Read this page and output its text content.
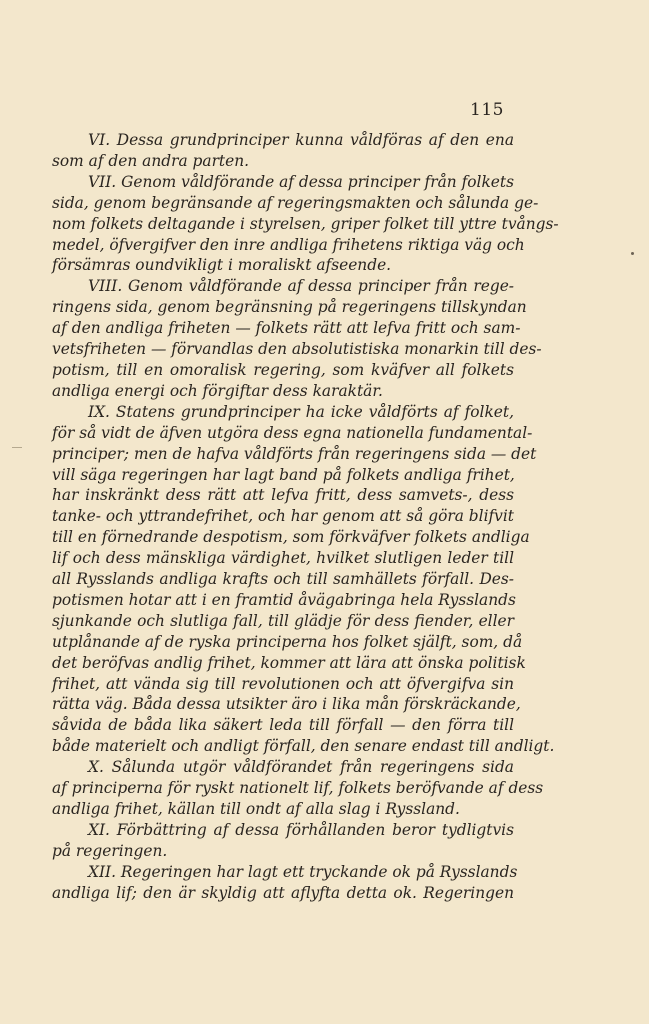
115
VI. Dessa grundprinciper kunna våldföras af den ena
som af den andra parten.
VII. Genom våldförande af dessa principer från folkets
sida, genom begränsande af regeringsmakten och sålunda ge-
nom folkets deltagande i styrelsen, griper folket till yttre tvångs-
medel, öfvergifver den inre andliga frihetens riktiga väg och
försämras oundvikligt i moraliskt afseende.
VIII. Genom våldförande af dessa principer från rege-
ringens sida, genom begränsning på regeringens tillskyndan
af den andliga friheten — folkets rätt att lefva fritt och sam-
vetsfriheten — förvandlas den absolutistiska monarkin till des-
potism, till en omoralisk regering, som kväfver all folkets
andliga energi och förgiftar dess karaktär.
IX. Statens grundprinciper ha icke våldförts af folket,
för så vidt de äfven utgöra dess egna nationella fundamental-
principer; men de hafva våldförts från regeringens sida — det
vill säga regeringen har lagt band på folkets andliga frihet,
har inskränkt dess rätt att lefva fritt, dess samvets-, dess
tanke- och yttrandefrihet, och har genom att så göra blifvit
till en förnedrande despotism, som förkväfver folkets andliga
lif och dess mänskliga värdighet, hvilket slutligen leder till
all Rysslands andliga krafts och till samhällets förfall. Des-
potismen hotar att i en framtid åvägabringa hela Rysslands
sjunkande och slutliga fall, till glädje för dess fiender, eller
utplånande af de ryska principerna hos folket själft, som, då
det beröfvas andlig frihet, kommer att lära att önska politisk
frihet, att vända sig till revolutionen och att öfvergifva sin
rätta väg. Båda dessa utsikter äro i lika mån förskräckande,
såvida de båda lika säkert leda till förfall — den förra till
både materielt och andligt förfall, den senare endast till andligt.
X. Sålunda utgör våldförandet från regeringens sida
af principerna för ryskt nationelt lif, folkets beröfvande af dess
andliga frihet, källan till ondt af alla slag i Ryssland.
XI. Förbättring af dessa förhållanden beror tydligtvis
på regeringen.
XII. Regeringen har lagt ett tryckande ok på Rysslands
andliga lif; den är skyldig att aflyfta detta ok. Regeringen
